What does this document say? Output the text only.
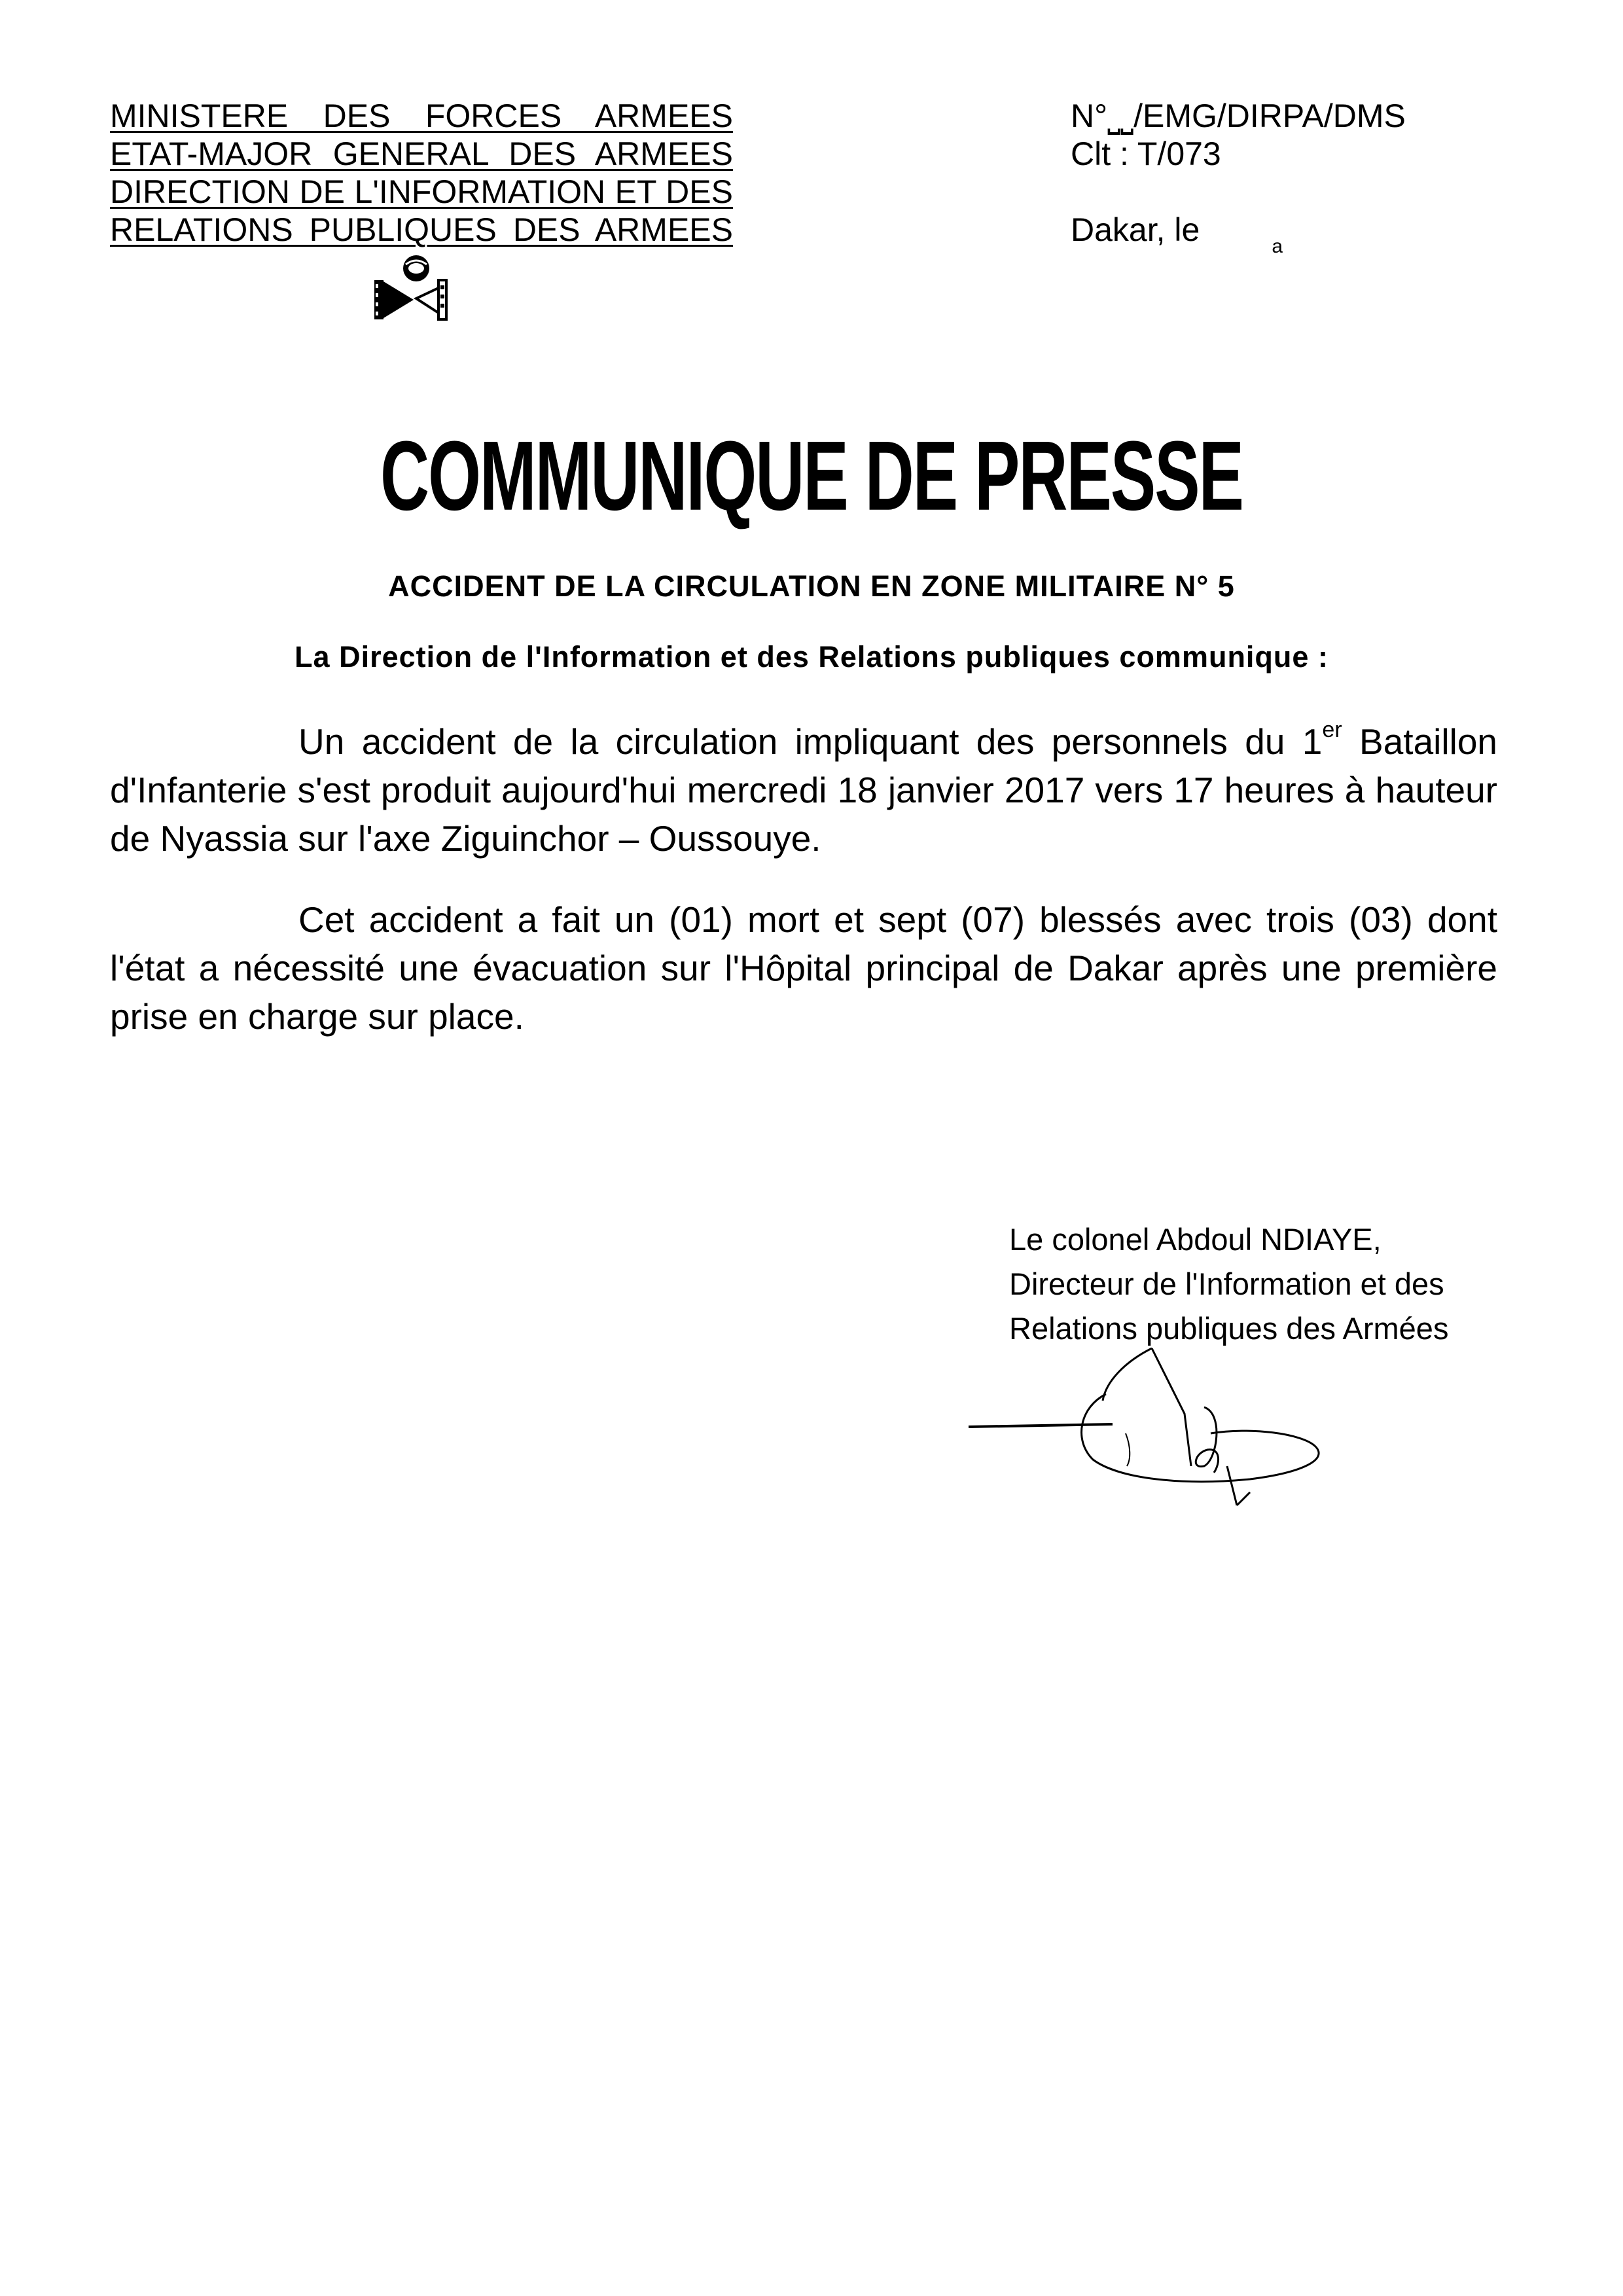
MINISTERE DES FORCES ARMEES
ETAT-MAJOR GENERAL DES ARMEES
DIRECTION DE L'INFORMATION ET DES
RELATIONS PUBLIQUES DES ARMEES
N°⎵⎵/EMG/DIRPA/DMS
Clt : T/073
Dakar, le	$_a$
COMMUNIQUE DE PRESSE
ACCIDENT DE LA CIRCULATION EN ZONE MILITAIRE N° 5
La Direction de l'Information et des Relations publiques communique :

Un accident de la circulation impliquant des personnels du 1er Bataillon d'Infanterie s'est produit aujourd'hui mercredi 18 janvier 2017 vers 17 heures à hauteur de Nyassia sur l'axe Ziguinchor – Oussouye.

Cet accident a fait un (01) mort et sept (07) blessés avec trois (03) dont l'état a nécessité une évacuation sur l'Hôpital principal de Dakar après une première prise en charge sur place.

Le colonel Abdoul NDIAYE,
Directeur de l'Information et des
Relations publiques des Armées
